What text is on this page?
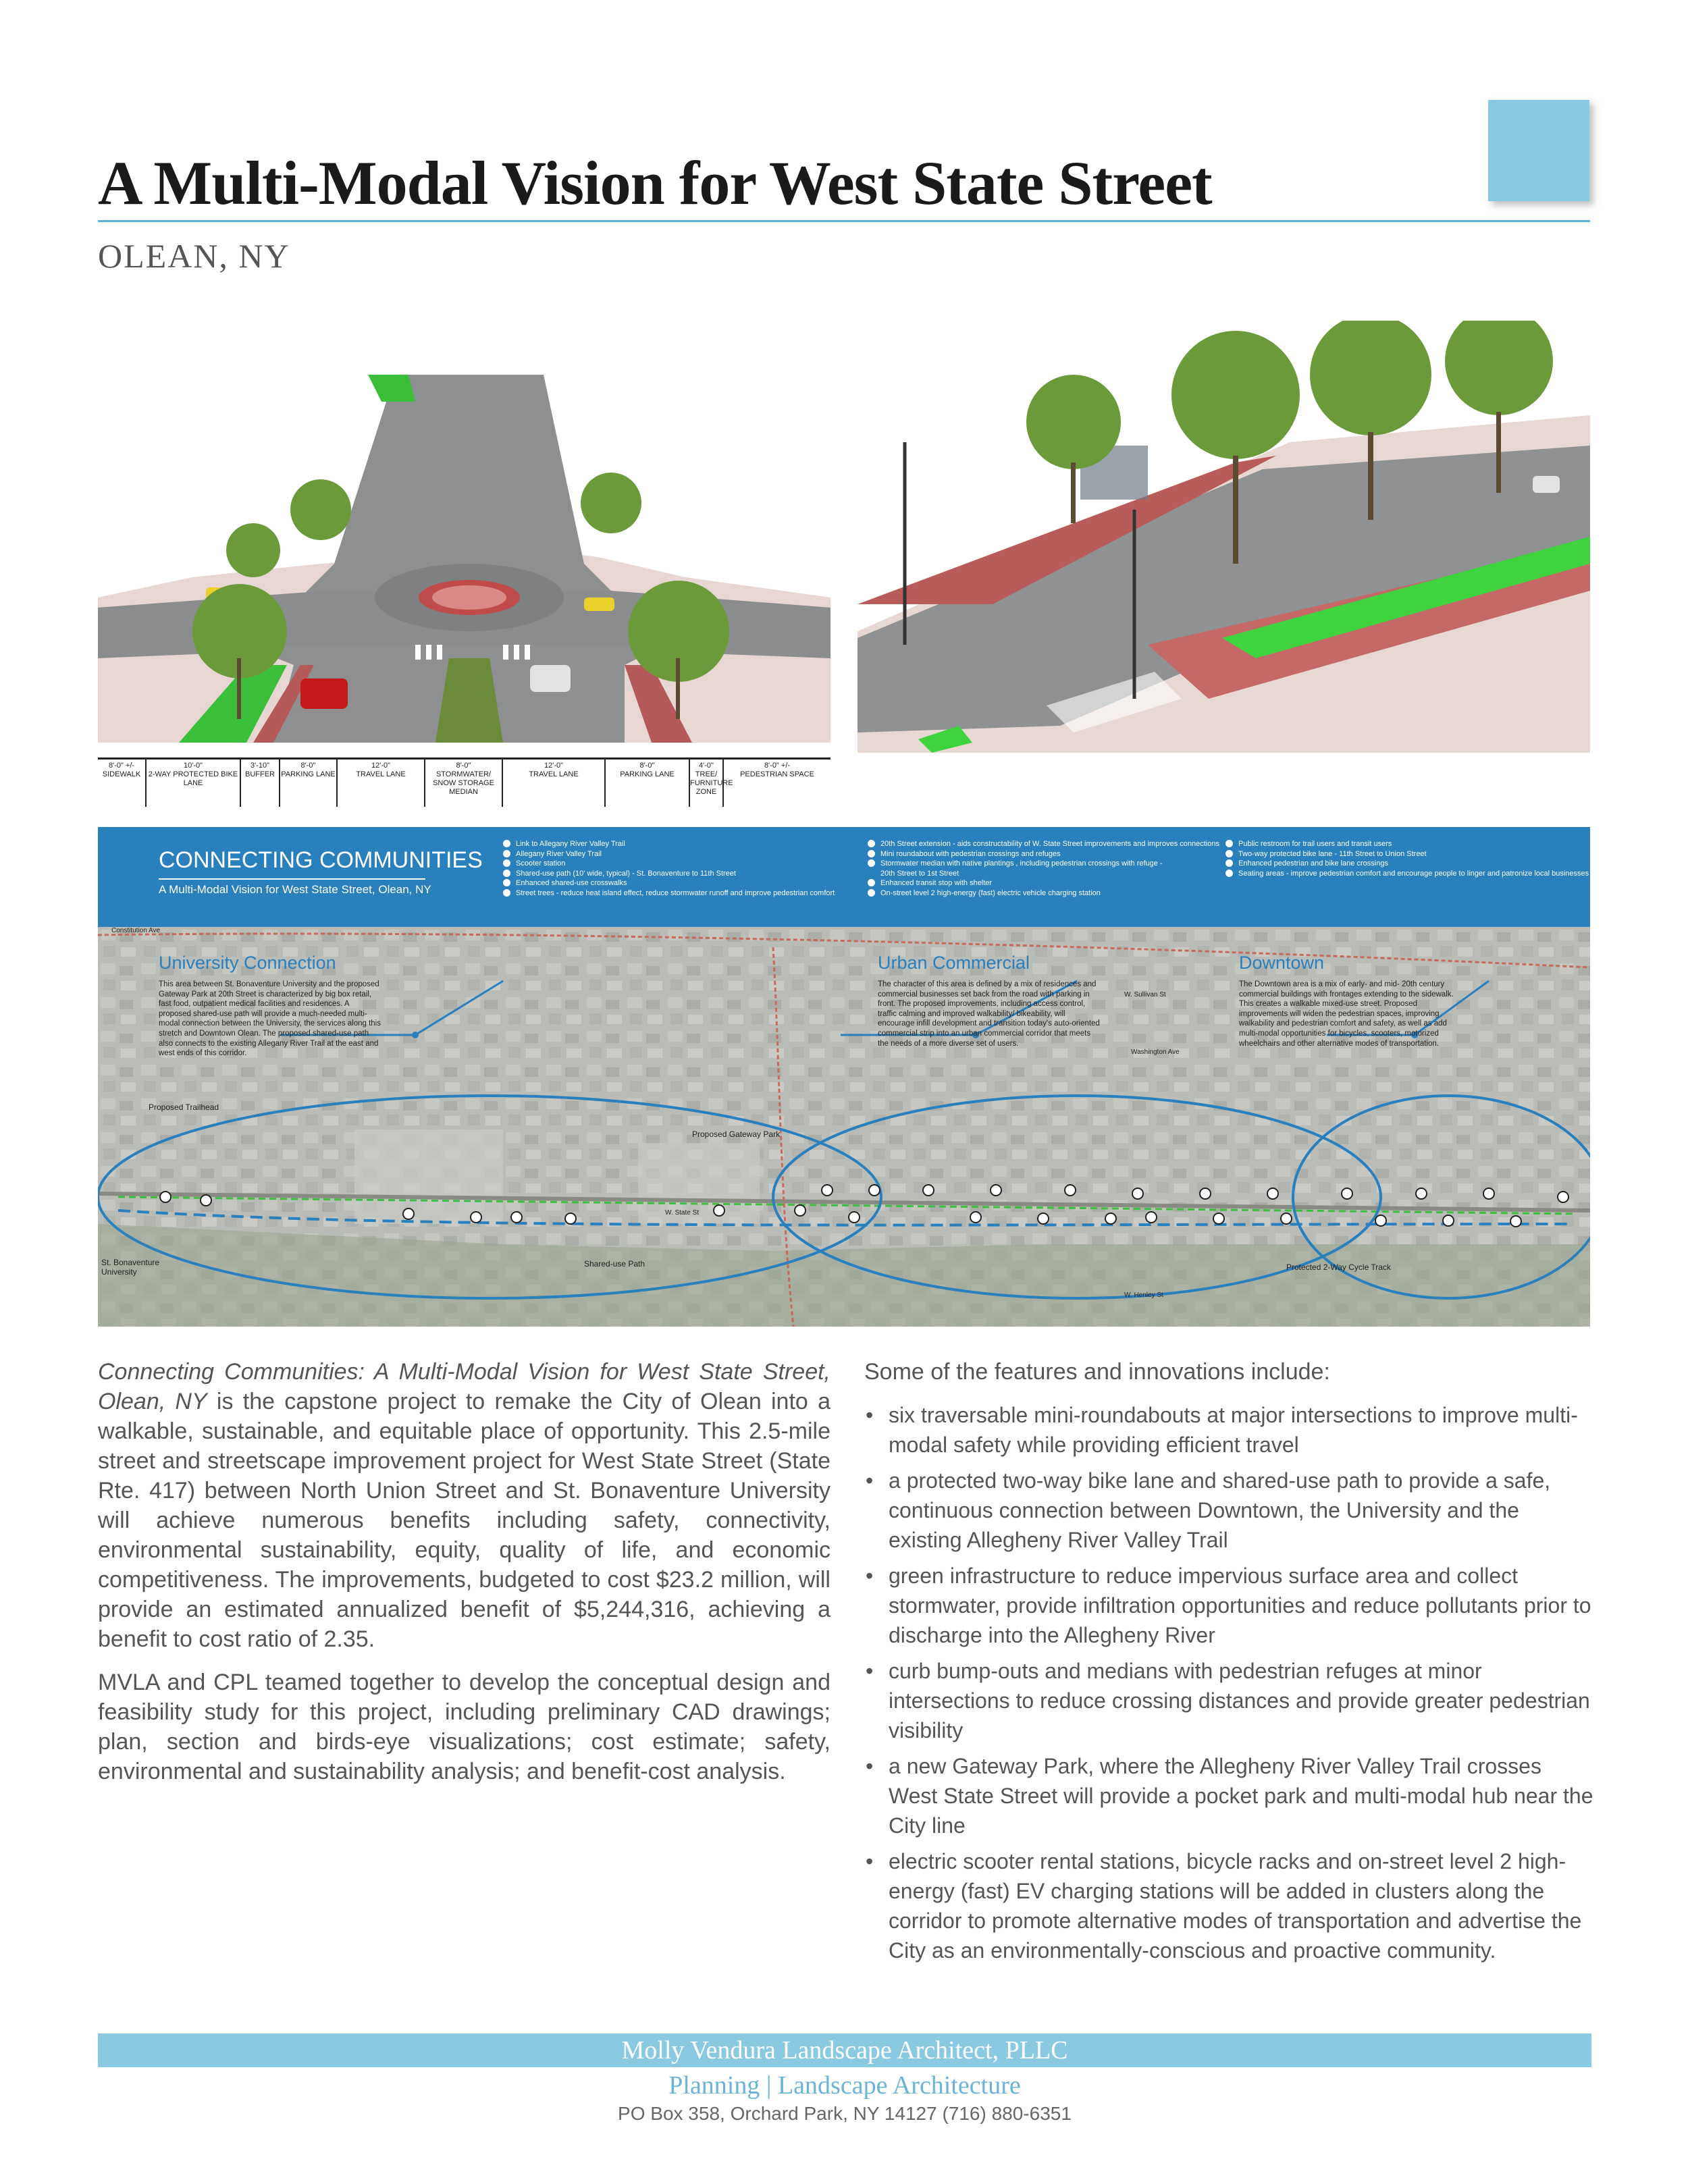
A Multi-Modal Vision for West State Street
OLEAN, NY
8'-0" +/-
SIDEWALK
10'-0"
2-WAY PROTECTED BIKE LANE
3'-10"
BUFFER
8'-0"
PARKING LANE
12'-0"
TRAVEL LANE
8'-0"
STORMWATER/ SNOW STORAGE MEDIAN
12'-0"
TRAVEL LANE
8'-0"
PARKING LANE
4'-0"
TREE/ FURNITURE ZONE
8'-0" +/-
PEDESTRIAN SPACE
CONNECTING COMMUNITIES
A Multi-Modal Vision for West State Street, Olean, NY
Link to Allegany River Valley Trail
Allegany River Valley Trail
Scooter station
Shared-use path (10' wide, typical) - St. Bonaventure to 11th Street
Enhanced shared-use crosswalks
Street trees - reduce heat island effect, reduce stormwater runoff and improve pedestrian comfort
20th Street extension - aids constructability of W. State Street improvements and improves connections
Mini roundabout with pedestrian crossings and refuges
Stormwater median with native plantings , including pedestrian crossings with refuge - 20th Street to 1st Street
Enhanced transit stop with shelter
On-street level 2 high-energy (fast) electric vehicle charging station
Public restroom for trail users and transit users
Two-way protected bike lane - 11th Street to Union Street
Enhanced pedestrian and bike lane crossings
Seating areas - improve pedestrian comfort and encourage people to linger and patronize local businesses
University Connection
This area between St. Bonaventure University and the proposed Gateway Park at 20th Street is characterized by big box retail, fast food, outpatient medical facilities and residences. A proposed shared-use path will provide a much-needed multi-modal connection between the University, the services along this stretch and Downtown Olean. The proposed shared-use path also connects to the existing Allegany River Trail at the east and west ends of this corridor.
Urban Commercial
The character of this area is defined by a mix of residences and commercial businesses set back from the road with parking in front. The proposed improvements, including access control, traffic calming and improved walkability/ bikeability, will encourage infill development and transition today's auto-oriented commercial strip into an urban commercial corridor that meets the needs of a more diverse set of users.
Downtown
The Downtown area is a mix of early- and mid- 20th century commercial buildings with frontages extending to the sidewalk. This creates a walkable mixed-use street. Proposed improvements will widen the pedestrian spaces, improving walkability and pedestrian comfort and safety, as well as add multi-modal opportunities for bicycles, scooters, motorized wheelchairs and other alternative modes of transportation.
Proposed Trailhead
Proposed Gateway Park
St. Bonaventure University
Shared-use Path	Protected 2-Way Cycle Track
W. State St
Constitution Ave
Washington Ave
W. Sullivan St
W. Henley St

Connecting Communities: A Multi-Modal Vision for West State Street, Olean, NY is the capstone project to remake the City of Olean into a walkable, sustainable, and equitable place of opportunity. This 2.5-mile street and streetscape improvement project for West State Street (State Rte. 417) between North Union Street and St. Bonaventure University will achieve numerous benefits including safety, connectivity, environmental sustainability, equity, quality of life, and economic competitiveness. The improvements, budgeted to cost $23.2 million, will provide an estimated annualized benefit of $5,244,316, achieving a benefit to cost ratio of 2.35.

MVLA and CPL teamed together to develop the conceptual design and feasibility study for this project, including preliminary CAD drawings; plan, section and birds-eye visualizations; cost estimate; safety, environmental and sustainability analysis; and benefit-cost analysis.

Some of the features and innovations include:

• six traversable mini-roundabouts at major intersections to improve multi-modal safety while providing efficient travel
• a protected two-way bike lane and shared-use path to provide a safe, continuous connection between Downtown, the University and the existing Allegheny River Valley Trail
• green infrastructure to reduce impervious surface area and collect stormwater, provide infiltration opportunities and reduce pollutants prior to discharge into the Allegheny River
• curb bump-outs and medians with pedestrian refuges at minor intersections to reduce crossing distances and provide greater pedestrian visibility
• a new Gateway Park, where the Allegheny River Valley Trail crosses West State Street will provide a pocket park and multi-modal hub near the City line
• electric scooter rental stations, bicycle racks and on-street level 2 high-energy (fast) EV charging stations will be added in clusters along the corridor to promote alternative modes of transportation and advertise the City as an environmentally-conscious and proactive community.
Molly Vendura Landscape Architect, PLLC
Planning | Landscape Architecture
PO Box 358, Orchard Park, NY 14127 (716) 880-6351
